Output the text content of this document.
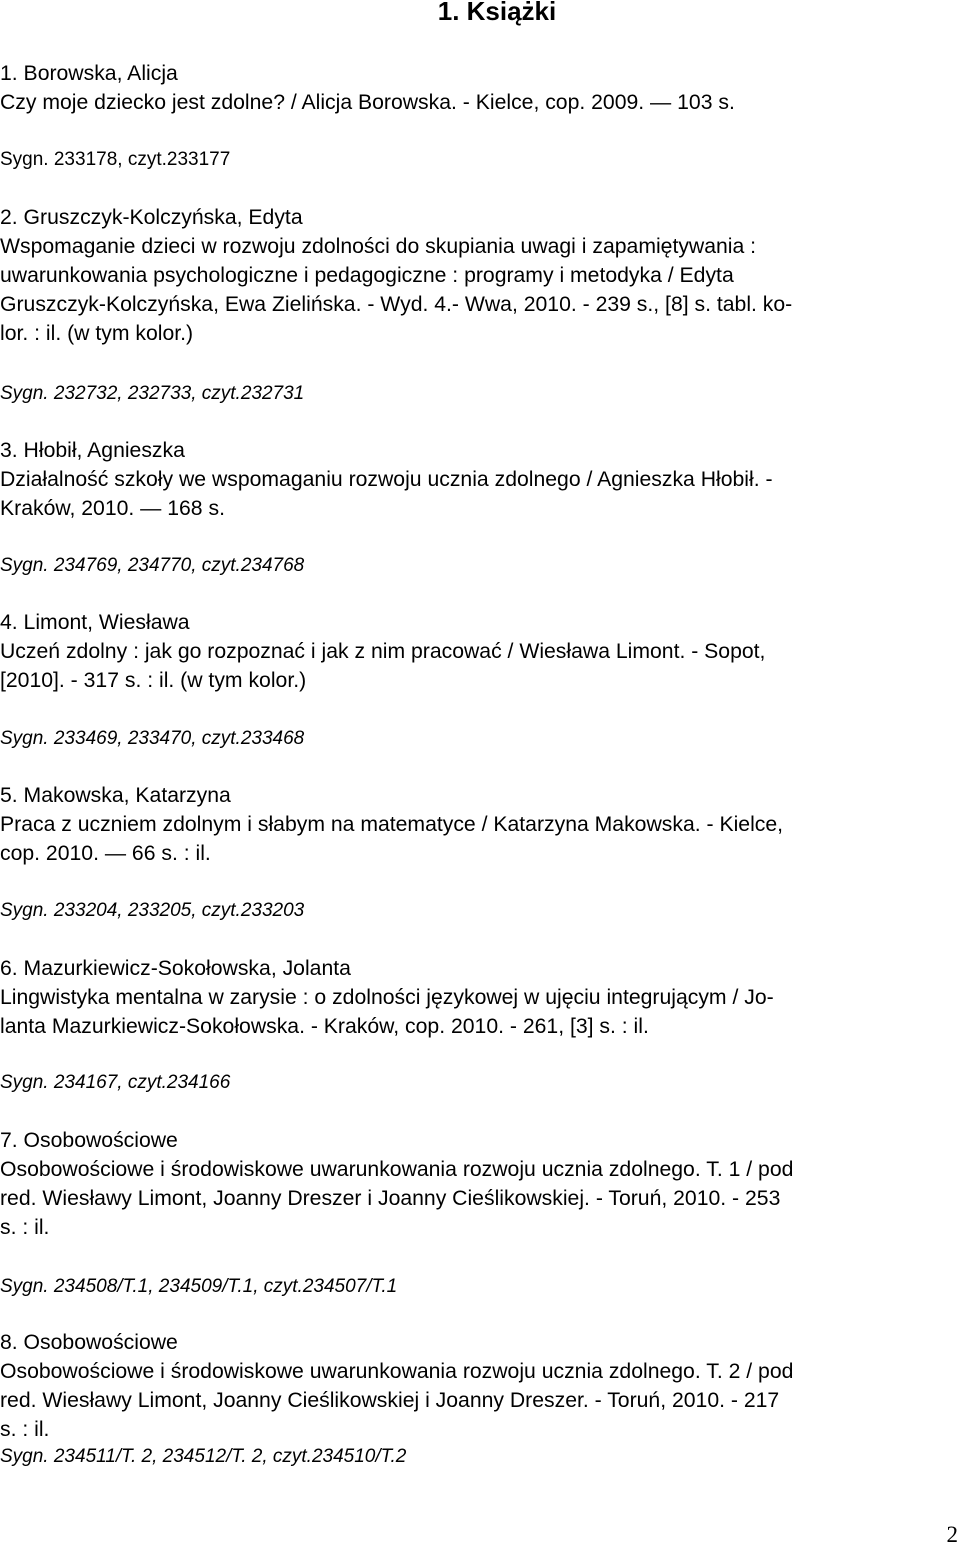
1. Książki

1. Borowska, Alicja

Czy moje dziecko jest zdolne? / Alicja Borowska. - Kielce, cop. 2009. — 103 s.

Sygn. 233178, czyt.233177

2. Gruszczyk-Kolczyńska, Edyta

Wspomaganie dzieci w rozwoju zdolności do skupiania uwagi i zapamiętywania :
uwarunkowania psychologiczne i pedagogiczne : programy i metodyka / Edyta
Gruszczyk-Kolczyńska, Ewa Zielińska. - Wyd. 4.- Wwa, 2010. - 239 s., [8] s. tabl. ko-
lor. : il. (w tym kolor.)

Sygn. 232732, 232733, czyt.232731

3. Hłobił, Agnieszka

Działalność szkoły we wspomaganiu rozwoju ucznia zdolnego / Agnieszka Hłobił. -
Kraków, 2010. — 168 s.

Sygn. 234769, 234770, czyt.234768

4. Limont, Wiesława

Uczeń zdolny : jak go rozpoznać i jak z nim pracować / Wiesława Limont. - Sopot,
[2010]. - 317 s. : il. (w tym kolor.)

Sygn. 233469, 233470, czyt.233468

5. Makowska, Katarzyna

Praca z uczniem zdolnym i słabym na matematyce / Katarzyna Makowska. - Kielce,
cop. 2010. — 66 s. : il.

Sygn. 233204, 233205, czyt.233203

6. Mazurkiewicz-Sokołowska, Jolanta

Lingwistyka mentalna w zarysie : o zdolności językowej w ujęciu integrującym / Jo-
lanta Mazurkiewicz-Sokołowska. - Kraków, cop. 2010. - 261, [3] s. : il.

Sygn. 234167, czyt.234166

7. Osobowościowe

Osobowościowe i środowiskowe uwarunkowania rozwoju ucznia zdolnego. T. 1 / pod
red. Wiesławy Limont, Joanny Dreszer i Joanny Cieślikowskiej. - Toruń, 2010. - 253
s. : il.

Sygn. 234508/T.1, 234509/T.1, czyt.234507/T.1

8. Osobowościowe

Osobowościowe i środowiskowe uwarunkowania rozwoju ucznia zdolnego. T. 2 / pod
red. Wiesławy Limont, Joanny Cieślikowskiej i Joanny Dreszer. - Toruń, 2010. - 217
s. : il.

Sygn. 234511/T. 2, 234512/T. 2, czyt.234510/T.2
2
